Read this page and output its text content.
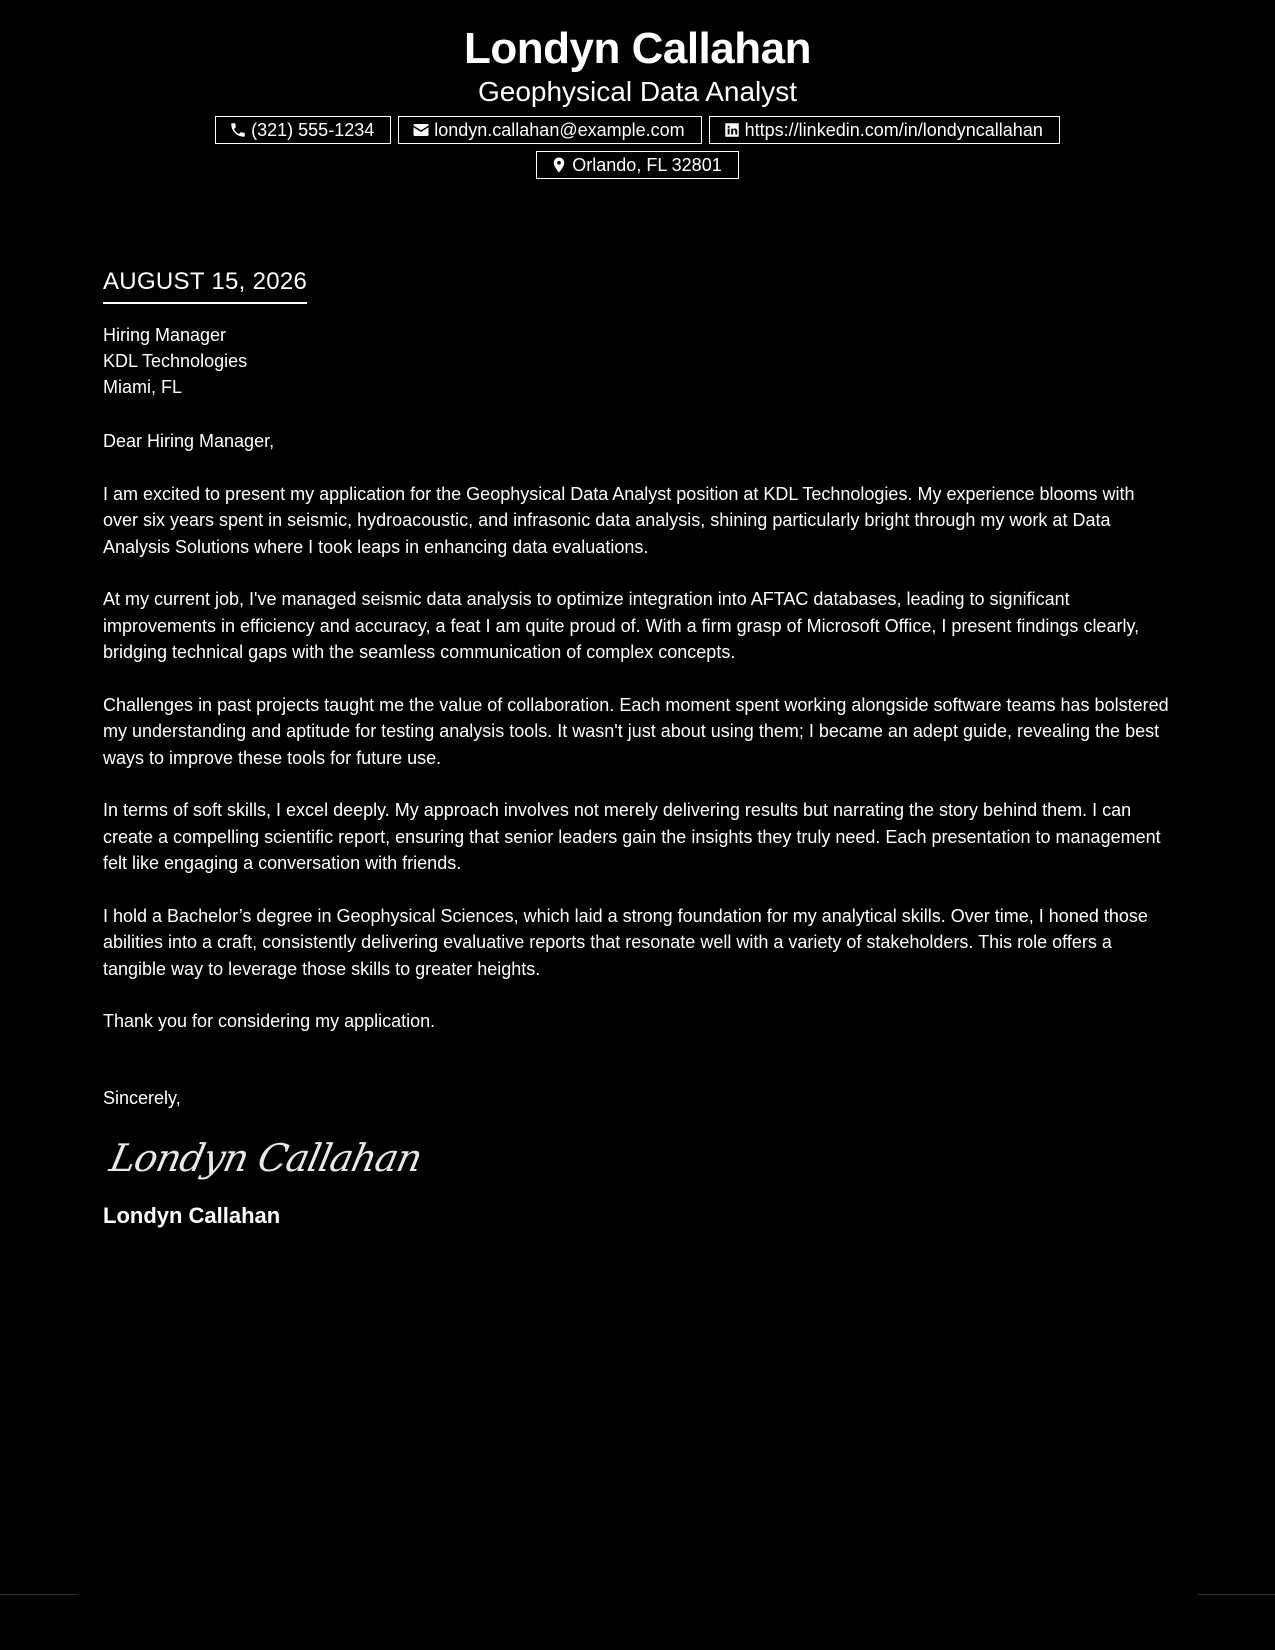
Londyn Callahan
Geophysical Data Analyst
(321) 555-1234	londyn.callahan@example.com	https://linkedin.com/in/londyncallahan
Orlando, FL 32801
AUGUST 15, 2026
Hiring Manager
KDL Technologies
Miami, FL
Dear Hiring Manager,

I am excited to present my application for the Geophysical Data Analyst position at KDL Technologies. My experience blooms with over six years spent in seismic, hydroacoustic, and infrasonic data analysis, shining particularly bright through my work at Data Analysis Solutions where I took leaps in enhancing data evaluations.

At my current job, I've managed seismic data analysis to optimize integration into AFTAC databases, leading to significant improvements in efficiency and accuracy, a feat I am quite proud of. With a firm grasp of Microsoft Office, I present findings clearly, bridging technical gaps with the seamless communication of complex concepts.

Challenges in past projects taught me the value of collaboration. Each moment spent working alongside software teams has bolstered my understanding and aptitude for testing analysis tools. It wasn't just about using them; I became an adept guide, revealing the best ways to improve these tools for future use.

In terms of soft skills, I excel deeply. My approach involves not merely delivering results but narrating the story behind them. I can create a compelling scientific report, ensuring that senior leaders gain the insights they truly need. Each presentation to management felt like engaging a conversation with friends.

I hold a Bachelor’s degree in Geophysical Sciences, which laid a strong foundation for my analytical skills. Over time, I honed those abilities into a craft, consistently delivering evaluative reports that resonate well with a variety of stakeholders. This role offers a tangible way to leverage those skills to greater heights.

Thank you for considering my application.

Sincerely,
Londyn Callahan
Londyn Callahan
